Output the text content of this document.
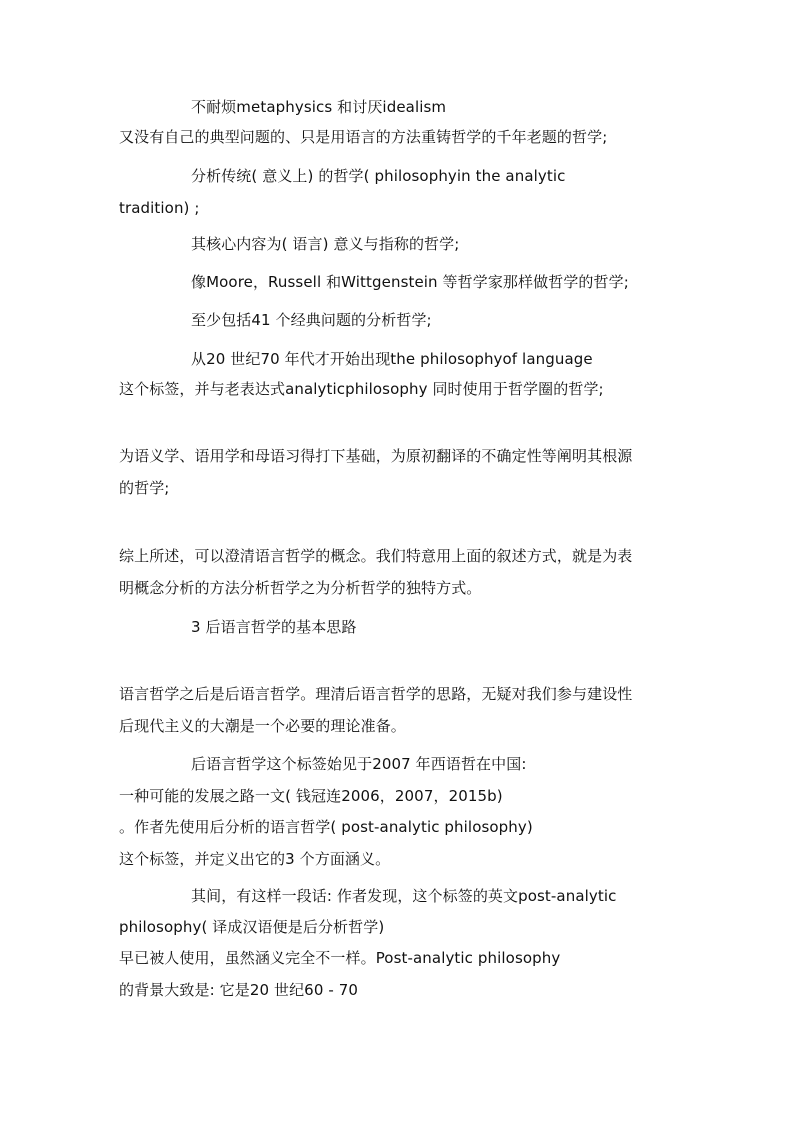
不耐烦metaphysics 和讨厌idealism
又没有自己的典型问题的、只是用语言的方法重铸哲学的千年老题的哲学;
分析传统( 意义上) 的哲学( philosophyin the analytic
tradition) ;
其核心内容为( 语言) 意义与指称的哲学;
像Moore，Russell 和Wittgenstein 等哲学家那样做哲学的哲学;
至少包括41 个经典问题的分析哲学;
从20 世纪70 年代才开始出现the philosophyof language
这个标签，并与老表达式analyticphilosophy 同时使用于哲学圈的哲学;
为语义学、语用学和母语习得打下基础，为原初翻译的不确定性等阐明其根源
的哲学;
综上所述，可以澄清语言哲学的概念。我们特意用上面的叙述方式，就是为表
明概念分析的方法分析哲学之为分析哲学的独特方式。
3 后语言哲学的基本思路
语言哲学之后是后语言哲学。理清后语言哲学的思路，无疑对我们参与建设性
后现代主义的大潮是一个必要的理论准备。
后语言哲学这个标签始见于2007 年西语哲在中国:
一种可能的发展之路一文( 钱冠连2006，2007，2015b)
。作者先使用后分析的语言哲学( post-analytic philosophy)
这个标签，并定义出它的3 个方面涵义。
其间，有这样一段话: 作者发现，这个标签的英文post-analytic
philosophy( 译成汉语便是后分析哲学)
早已被人使用，虽然涵义完全不一样。Post-analytic philosophy
的背景大致是: 它是20 世纪60 - 70
